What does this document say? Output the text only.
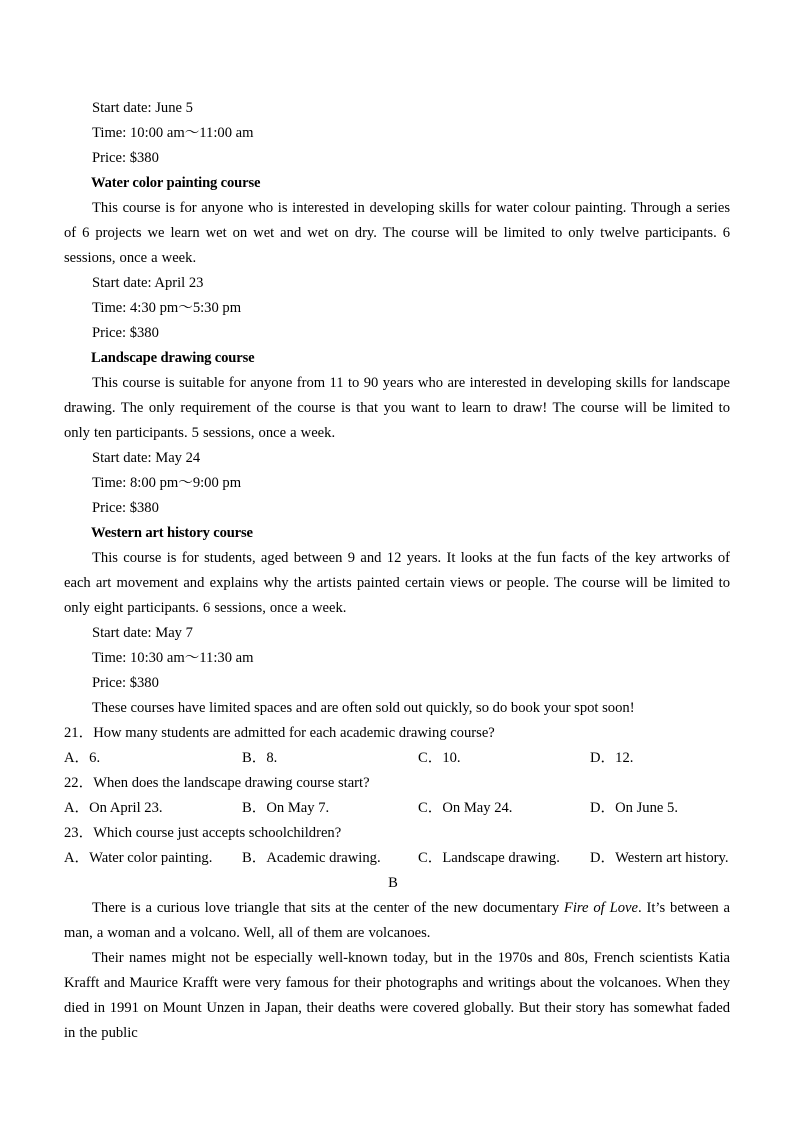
Start date: June 5
Time: 10:00 am～11:00 am
Price: $380
Water color painting course

This course is for anyone who is interested in developing skills for water colour painting. Through a series of 6 projects we learn wet on wet and wet on dry. The course will be limited to only twelve participants. 6 sessions, once a week.

Start date: April 23
Time: 4:30 pm～5:30 pm
Price: $380
Landscape drawing course

This course is suitable for anyone from 11 to 90 years who are interested in developing skills for landscape drawing. The only requirement of the course is that you want to learn to draw! The course will be limited to only ten participants. 5 sessions, once a week.

Start date: May 24
Time: 8:00 pm～9:00 pm
Price: $380
Western art history course

This course is for students, aged between 9 and 12 years. It looks at the fun facts of the key artworks of each art movement and explains why the artists painted certain views or people. The course will be limited to only eight participants. 6 sessions, once a week.

Start date: May 7
Time: 10:30 am～11:30 am
Price: $380
These courses have limited spaces and are often sold out quickly, so do book your spot soon!
21．How many students are admitted for each academic drawing course?
A．6.	B．8.	C．10.	D．12.
22．When does the landscape drawing course start?
A．On April 23.	B．On May 7.	C．On May 24.	D．On June 5.
23．Which course just accepts schoolchildren?
A．Water color painting. B．Academic drawing.	C．Landscape drawing. D．Western art history.
B

There is a curious love triangle that sits at the center of the new documentary Fire of Love. It’s between a man, a woman and a volcano. Well, all of them are volcanoes.

Their names might not be especially well-known today, but in the 1970s and 80s, French scientists Katia Krafft and Maurice Krafft were very famous for their photographs and writings about the volcanoes. When they died in 1991 on Mount Unzen in Japan, their deaths were covered globally. But their story has somewhat faded in the public
